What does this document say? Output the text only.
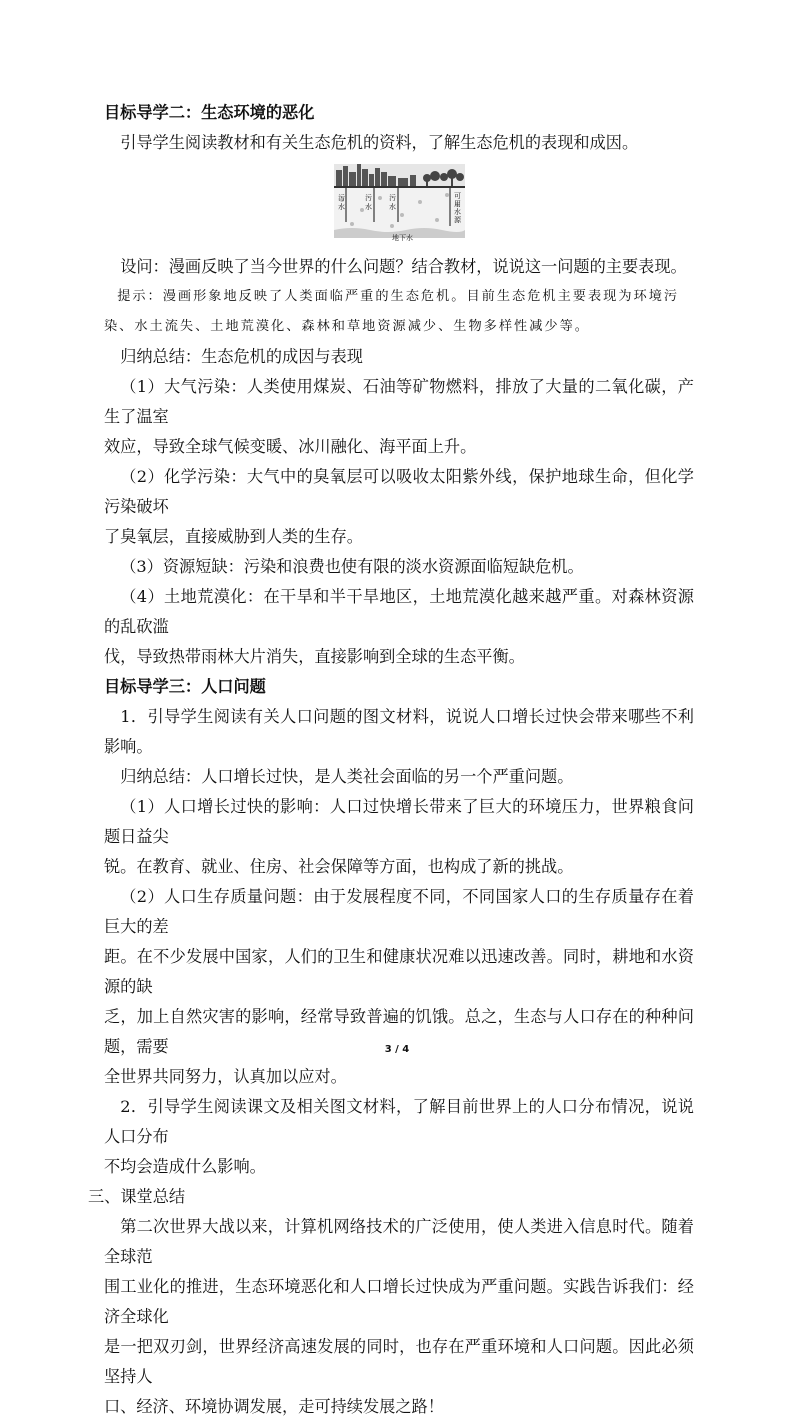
目标导学二：生态环境的恶化

引导学生阅读教材和有关生态危机的资料，了解生态危机的表现和成因。

污
水
污
水
污
水
可
用
水
源
地下水

设问：漫画反映了当今世界的什么问题？结合教材，说说这一问题的主要表现。

提示：漫画形象地反映了人类面临严重的生态危机。目前生态危机主要表现为环境污

染、水土流失、土地荒漠化、森林和草地资源减少、生物多样性减少等。

归纳总结：生态危机的成因与表现

（1）大气污染：人类使用煤炭、石油等矿物燃料，排放了大量的二氧化碳，产生了温室

效应，导致全球气候变暖、冰川融化、海平面上升。

（2）化学污染：大气中的臭氧层可以吸收太阳紫外线，保护地球生命，但化学污染破坏

了臭氧层，直接威胁到人类的生存。

（3）资源短缺：污染和浪费也使有限的淡水资源面临短缺危机。

（4）土地荒漠化：在干旱和半干旱地区，土地荒漠化越来越严重。对森林资源的乱砍滥

伐，导致热带雨林大片消失，直接影响到全球的生态平衡。

目标导学三：人口问题

1．引导学生阅读有关人口问题的图文材料，说说人口增长过快会带来哪些不利影响。

归纳总结：人口增长过快，是人类社会面临的另一个严重问题。

（1）人口增长过快的影响：人口过快增长带来了巨大的环境压力，世界粮食问题日益尖

锐。在教育、就业、住房、社会保障等方面，也构成了新的挑战。

（2）人口生存质量问题：由于发展程度不同，不同国家人口的生存质量存在着巨大的差

距。在不少发展中国家，人们的卫生和健康状况难以迅速改善。同时，耕地和水资源的缺

乏，加上自然灾害的影响，经常导致普遍的饥饿。总之，生态与人口存在的种种问题，需要

全世界共同努力，认真加以应对。

2．引导学生阅读课文及相关图文材料，了解目前世界上的人口分布情况，说说人口分布

不均会造成什么影响。

三、课堂总结

第二次世界大战以来，计算机网络技术的广泛使用，使人类进入信息时代。随着全球范

围工业化的推进，生态环境恶化和人口增长过快成为严重问题。实践告诉我们：经济全球化

是一把双刃剑，世界经济高速发展的同时，也存在严重环境和人口问题。因此必须坚持人

口、经济、环境协调发展，走可持续发展之路！

3 / 4
